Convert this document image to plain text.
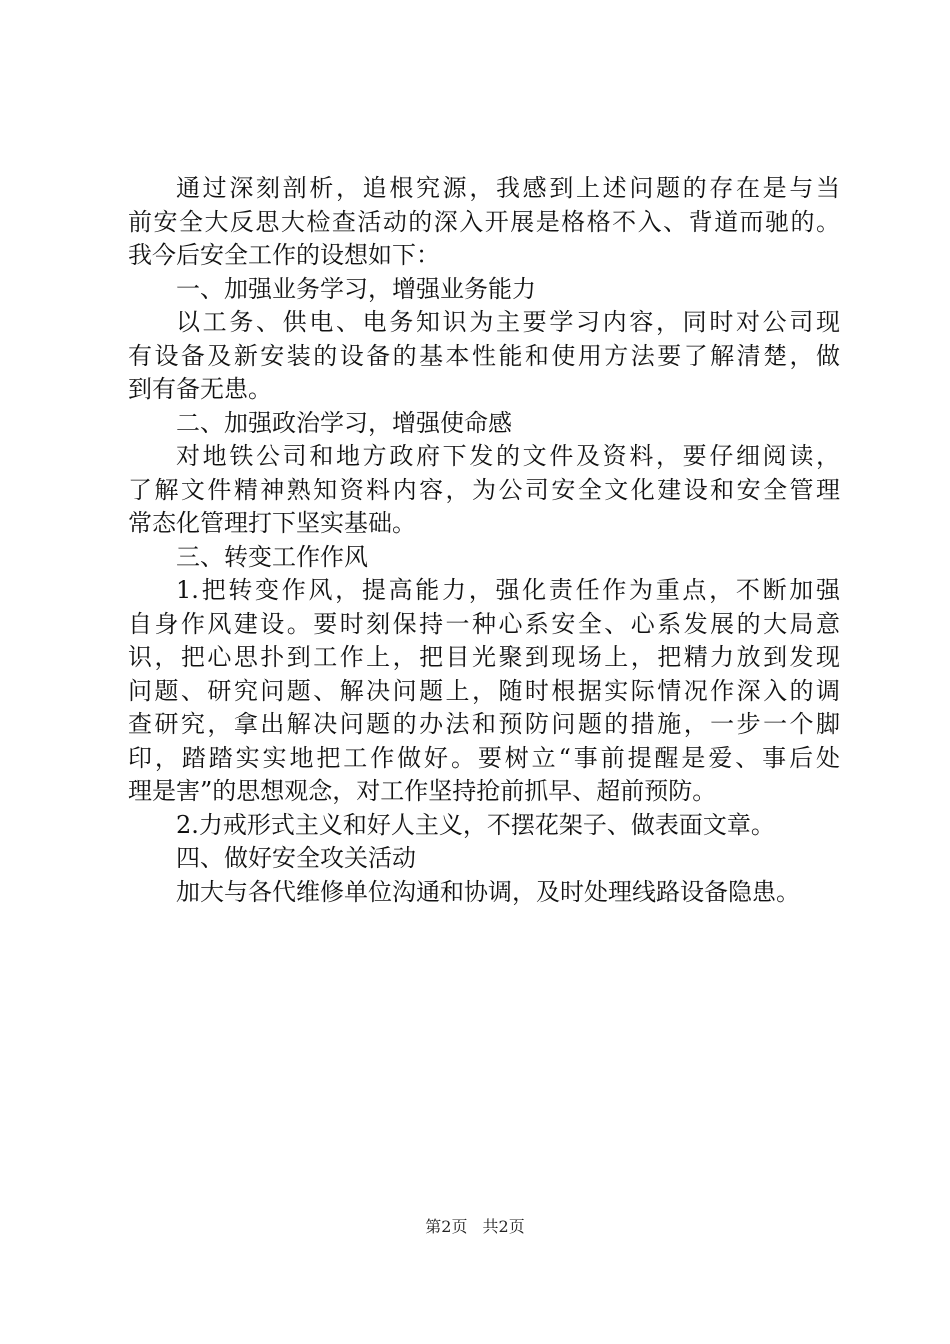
通过深刻剖析，追根究源，我感到上述问题的存在是与当
前安全大反思大检查活动的深入开展是格格不入、背道而驰的。
我今后安全工作的设想如下：
一、加强业务学习，增强业务能力
以工务、供电、电务知识为主要学习内容，同时对公司现
有设备及新安装的设备的基本性能和使用方法要了解清楚，做
到有备无患。
二、加强政治学习，增强使命感
对地铁公司和地方政府下发的文件及资料，要仔细阅读，
了解文件精神熟知资料内容，为公司安全文化建设和安全管理
常态化管理打下坚实基础。
三、转变工作作风
1.把转变作风，提高能力，强化责任作为重点，不断加强
自身作风建设。要时刻保持一种心系安全、心系发展的大局意
识，把心思扑到工作上，把目光聚到现场上，把精力放到发现
问题、研究问题、解决问题上，随时根据实际情况作深入的调
查研究，拿出解决问题的办法和预防问题的措施，一步一个脚
印，踏踏实实地把工作做好。要树立“事前提醒是爱、事后处
理是害”的思想观念，对工作坚持抢前抓早、超前预防。
2.力戒形式主义和好人主义，不摆花架子、做表面文章。
四、做好安全攻关活动
加大与各代维修单位沟通和协调，及时处理线路设备隐患。
第2页 共2页
